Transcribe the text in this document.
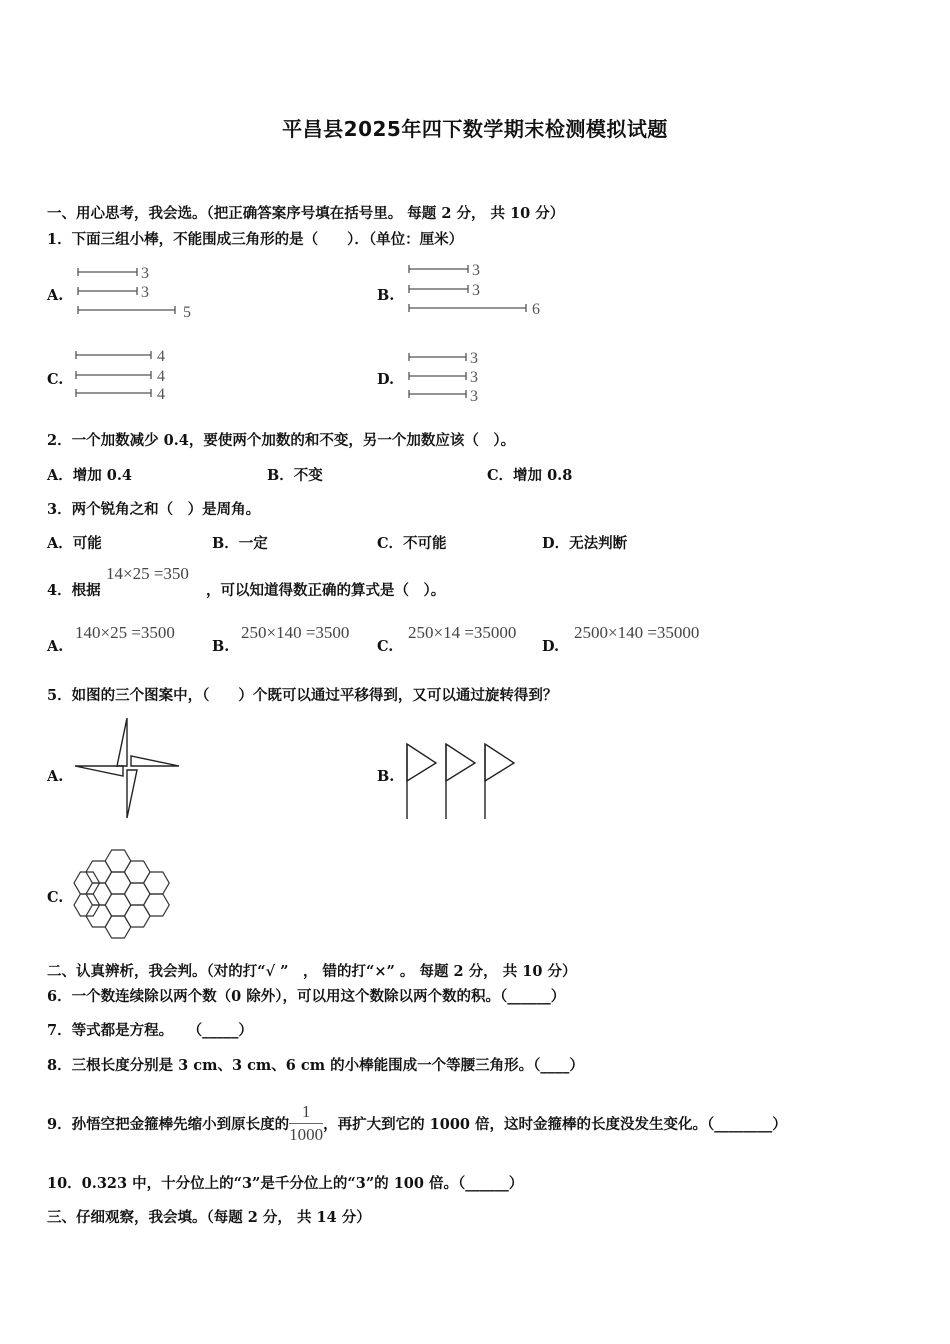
平昌县2025年四下数学期末检测模拟试题
一、用心思考，我会选。（把正确答案序号填在括号里。 每题 2 分， 共 10 分）
1．下面三组小棒，不能围成三角形的是（　　）．（单位：厘米）
A.
3
3
5
B.
3
3
6
C.
4
4
4
D.
3
3
3
2．一个加数减少 0.4，要使两个加数的和不变，另一个加数应该（　）。
A．增加 0.4	B．不变	C．增加 0.8
3．两个锐角之和（　）是周角。
A．可能	B．一定	C．不可能	D．无法判断
4．根据
14×25 =350
，可以知道得数正确的算式是（　）。
A.
140×25 =3500
B.
250×140 =3500
C.
250×14 =35000
D.
2500×140 =35000
5．如图的三个图案中，（　　）个既可以通过平移得到，又可以通过旋转得到？
A.	B.
C.
二、认真辨析，我会判。（对的打“√ ”　， 错的打“×” 。 每题 2 分， 共 10 分）
6．一个数连续除以两个数（0 除外），可以用这个数除以两个数的积。（______）
7．等式都是方程。　　（_____）
8．三根长度分别是 3 cm、3 cm、6 cm 的小棒能围成一个等腰三角形。（____）
9．孙悟空把金箍棒先缩小到原长度的 $\frac{1}{1000}$ ，再扩大到它的 1000 倍，这时金箍棒的长度没发生变化。（________）
10．0.323 中，十分位上的“3”是千分位上的“3”的 100 倍。（______）
三、仔细观察，我会填。（每题 2 分， 共 14 分）
